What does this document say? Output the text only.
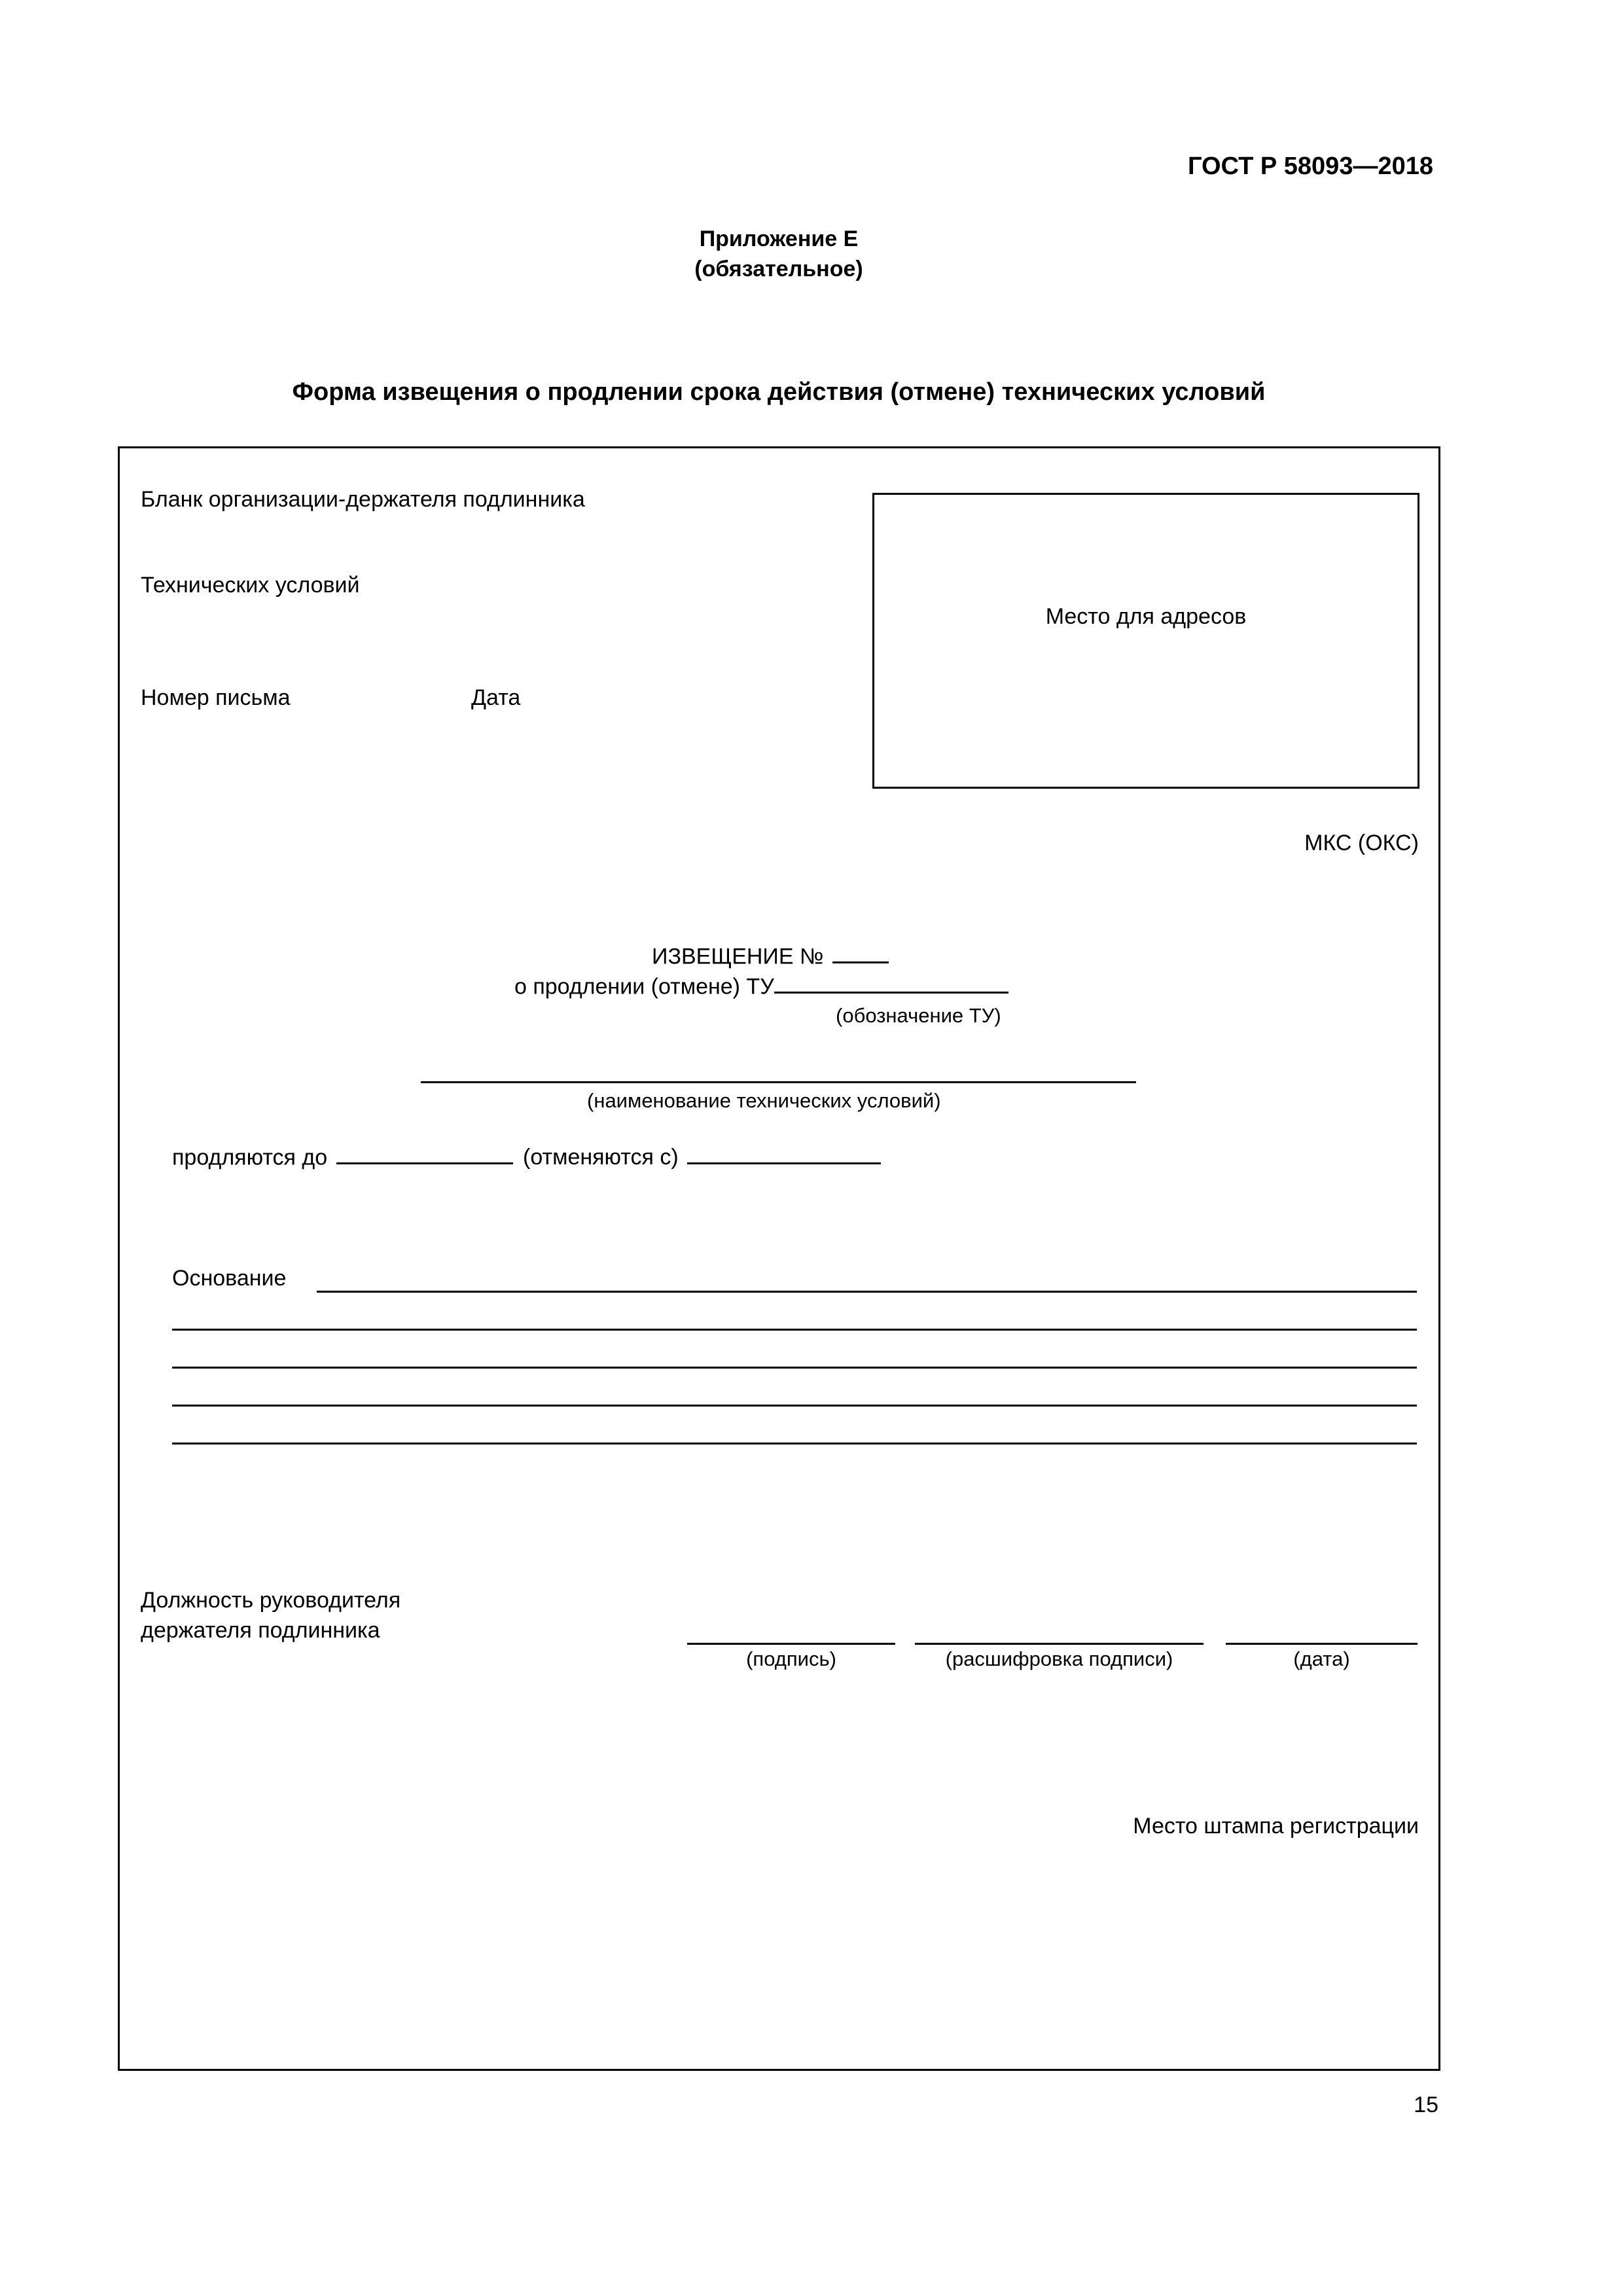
ГОСТ Р 58093—2018
Приложение Е
(обязательное)
Форма извещения о продлении срока действия (отмене) технических условий
Бланк организации-держателя подлинника
Технических условий
Номер письма	Дата
Место для адресов
МКС (ОКС)
ИЗВЕЩЕНИЕ №
о продлении (отмене) ТУ
(обозначение ТУ)
(наименование технических условий)
продляются до	(отменяются с)
Основание
Должность руководителя
держателя подлинника
(подпись)	(расшифровка подписи)	(дата)
Место штампа регистрации
15
